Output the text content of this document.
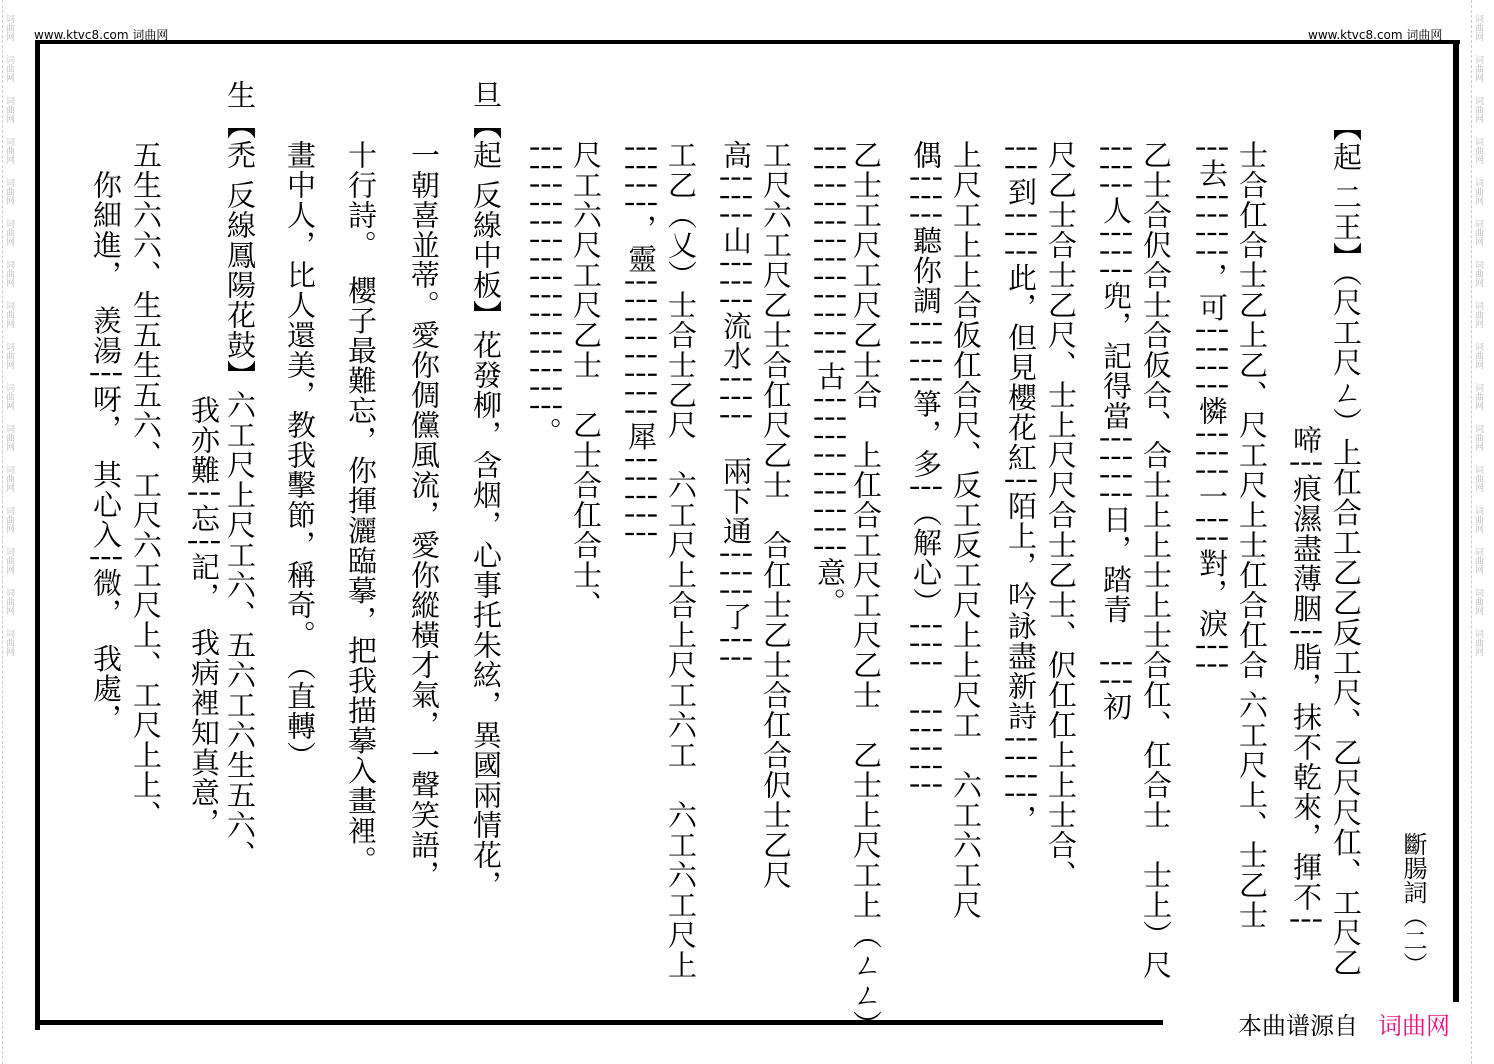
词曲网
词曲网
词曲网
词曲网
词曲网
词曲网
词曲网
词曲网
词曲网
词曲网
词曲网
词曲网
词曲网
词曲网
词曲网
词曲网
词曲网
词曲网
词曲网
词曲网
词曲网
词曲网
词曲网
词曲网
词曲网
词曲网
词曲网
词曲网
词曲网
词曲网
词曲网
词曲网
www.ktvc8.com 词曲网	www.ktvc8.com 词曲网
斷腸詞（二）
【起 二王】（尺工尺ㄥ）上仜合工乙乙反工尺、乙尺尺仜、工尺乙
啼┆痕濕盡薄胭┆脂，抹不乾來，揮不┆
士合仜合士乙上乙、尺工尺上士仜合仜合 六工尺上、士乙士
┆去┆┆┆┆，可┆┆┆┆憐┆┆┆一┆┆對，淚┆┆
乙士合伬合士合仮合、合士上上士上士合仜、仜合士　士上）尺
┆┆┆人┆┆┆兜，記得當┆┆┆┆日，踏青　┆┆初
尺乙士合士乙尺、士上尺尺合士乙士、伬仜仜上上士合、
┆┆到┆┆┆此，但見櫻花紅┆陌上，吟詠盡新詩┆┆┆┆，
上尺工上上合仮仜合尺、反工反工尺上上尺工　六工六工尺
偶┆┆┆聽你調┆┆┆┆箏，多┆（解心）┆┆┆　┆┆┆┆┆
乙士工尺工尺乙士合　上仜合工尺工尺乙士　乙士上尺工上（ㄥㄥ）
┆┆┆┆┆┆┆┆┆┆┆┆古┆┆┆┆┆┆┆┆┆意。
工尺六工尺乙士合仜尺乙士　合仜士乙士合仜合伬士乙尺
高┆┆┆山┆┆┆流水┆┆┆　兩下通┆┆┆了┆┆
工乙（乂）士合士乙尺　六工尺上合上尺工六工　六工六工尺上
┆┆┆┆，靈┆┆┆┆┆┆┆┆犀┆┆┆┆┆
尺工六尺工尺乙士　乙士合仜合士、
┆┆┆┆┆┆┆┆┆┆┆┆┆┆┆。
旦【起 反線中板】花發柳，含烟，心事托朱絃，異國兩情花，
一朝喜並蒂。愛你倜儻風流，愛你縱橫才氣，一聲笑語，
十行詩。　櫻子最難忘，你揮灑臨摹，把我描摹入畫裡。
畫中人，比人還美，教我擊節，稱奇。　（直轉）
生【禿 反線鳳陽花鼓】六工尺上尺工六、五六工六生五六、
　　　　我亦難┆忘┆記，　我病裡知真意，
五生六六、生五生五六、工尺六工尺上、工尺上上、
　你細進，　羨湯┆呀，　其心入┆微，　我處，
本曲谱源自 词曲网
